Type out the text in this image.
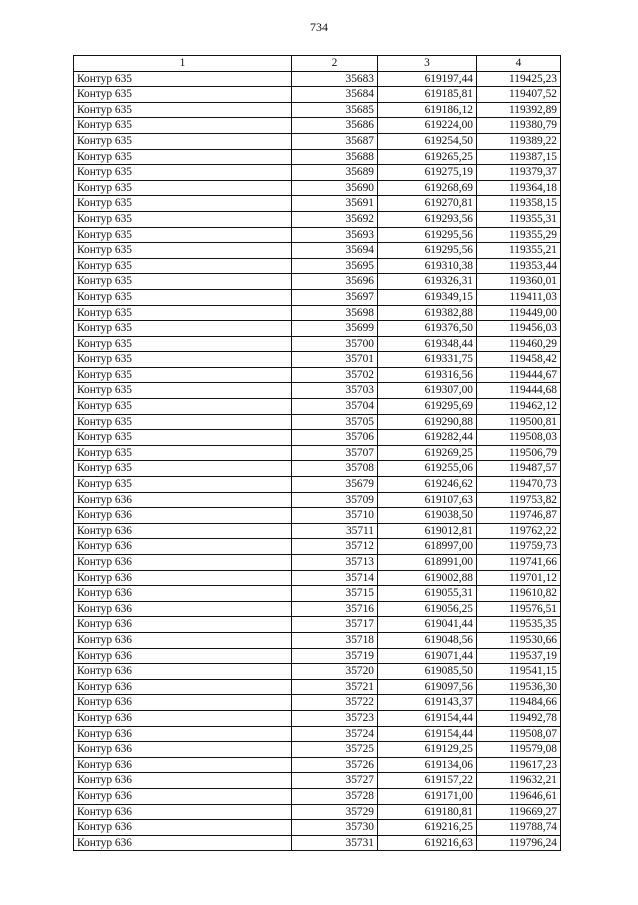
734
1	2	3	4
Контур 635	35683	619197,44	119425,23
Контур 635	35684	619185,81	119407,52
Контур 635	35685	619186,12	119392,89
Контур 635	35686	619224,00	119380,79
Контур 635	35687	619254,50	119389,22
Контур 635	35688	619265,25	119387,15
Контур 635	35689	619275,19	119379,37
Контур 635	35690	619268,69	119364,18
Контур 635	35691	619270,81	119358,15
Контур 635	35692	619293,56	119355,31
Контур 635	35693	619295,56	119355,29
Контур 635	35694	619295,56	119355,21
Контур 635	35695	619310,38	119353,44
Контур 635	35696	619326,31	119360,01
Контур 635	35697	619349,15	119411,03
Контур 635	35698	619382,88	119449,00
Контур 635	35699	619376,50	119456,03
Контур 635	35700	619348,44	119460,29
Контур 635	35701	619331,75	119458,42
Контур 635	35702	619316,56	119444,67
Контур 635	35703	619307,00	119444,68
Контур 635	35704	619295,69	119462,12
Контур 635	35705	619290,88	119500,81
Контур 635	35706	619282,44	119508,03
Контур 635	35707	619269,25	119506,79
Контур 635	35708	619255,06	119487,57
Контур 635	35679	619246,62	119470,73
Контур 636	35709	619107,63	119753,82
Контур 636	35710	619038,50	119746,87
Контур 636	35711	619012,81	119762,22
Контур 636	35712	618997,00	119759,73
Контур 636	35713	618991,00	119741,66
Контур 636	35714	619002,88	119701,12
Контур 636	35715	619055,31	119610,82
Контур 636	35716	619056,25	119576,51
Контур 636	35717	619041,44	119535,35
Контур 636	35718	619048,56	119530,66
Контур 636	35719	619071,44	119537,19
Контур 636	35720	619085,50	119541,15
Контур 636	35721	619097,56	119536,30
Контур 636	35722	619143,37	119484,66
Контур 636	35723	619154,44	119492,78
Контур 636	35724	619154,44	119508,07
Контур 636	35725	619129,25	119579,08
Контур 636	35726	619134,06	119617,23
Контур 636	35727	619157,22	119632,21
Контур 636	35728	619171,00	119646,61
Контур 636	35729	619180,81	119669,27
Контур 636	35730	619216,25	119788,74
Контур 636	35731	619216,63	119796,24
